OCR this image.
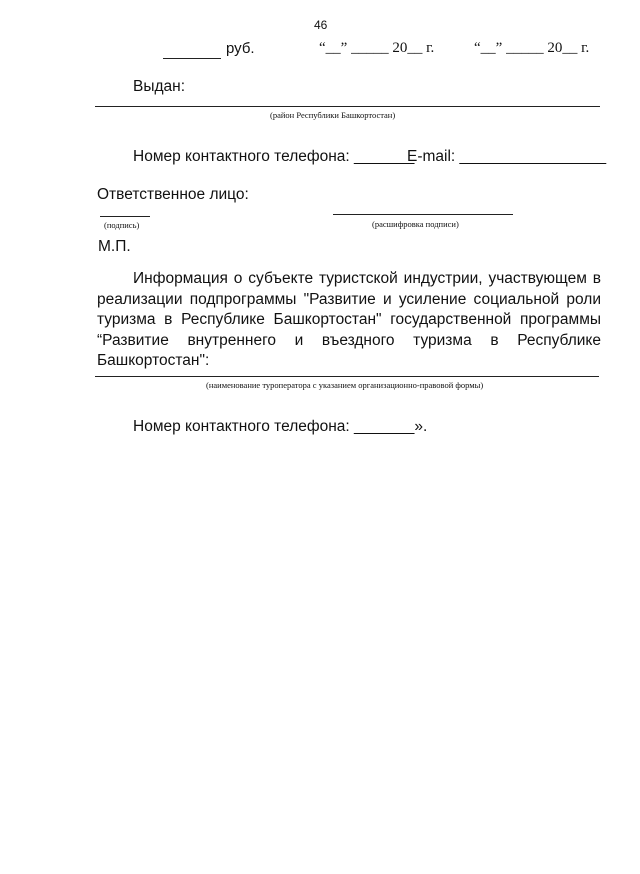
46
руб.	“__” _____ 20__ г.	“__” _____ 20__ г.
Выдан:
(район Республики Башкортостан)
Номер контактного телефона: _______
E-mail: _________________
Ответственное лицо:
(подпись)	(расшифровка подписи)
М.П.
Информация о субъекте туристской индустрии, участвующем в
реализации подпрограммы "Развитие и усиление социальной роли
туризма в Республике Башкортостан" государственной программы
“Развитие внутреннего и въездного туризма в Республике
Башкортостан":
(наименование туроператора с указанием организационно-правовой формы)
Номер контактного телефона: _______».
